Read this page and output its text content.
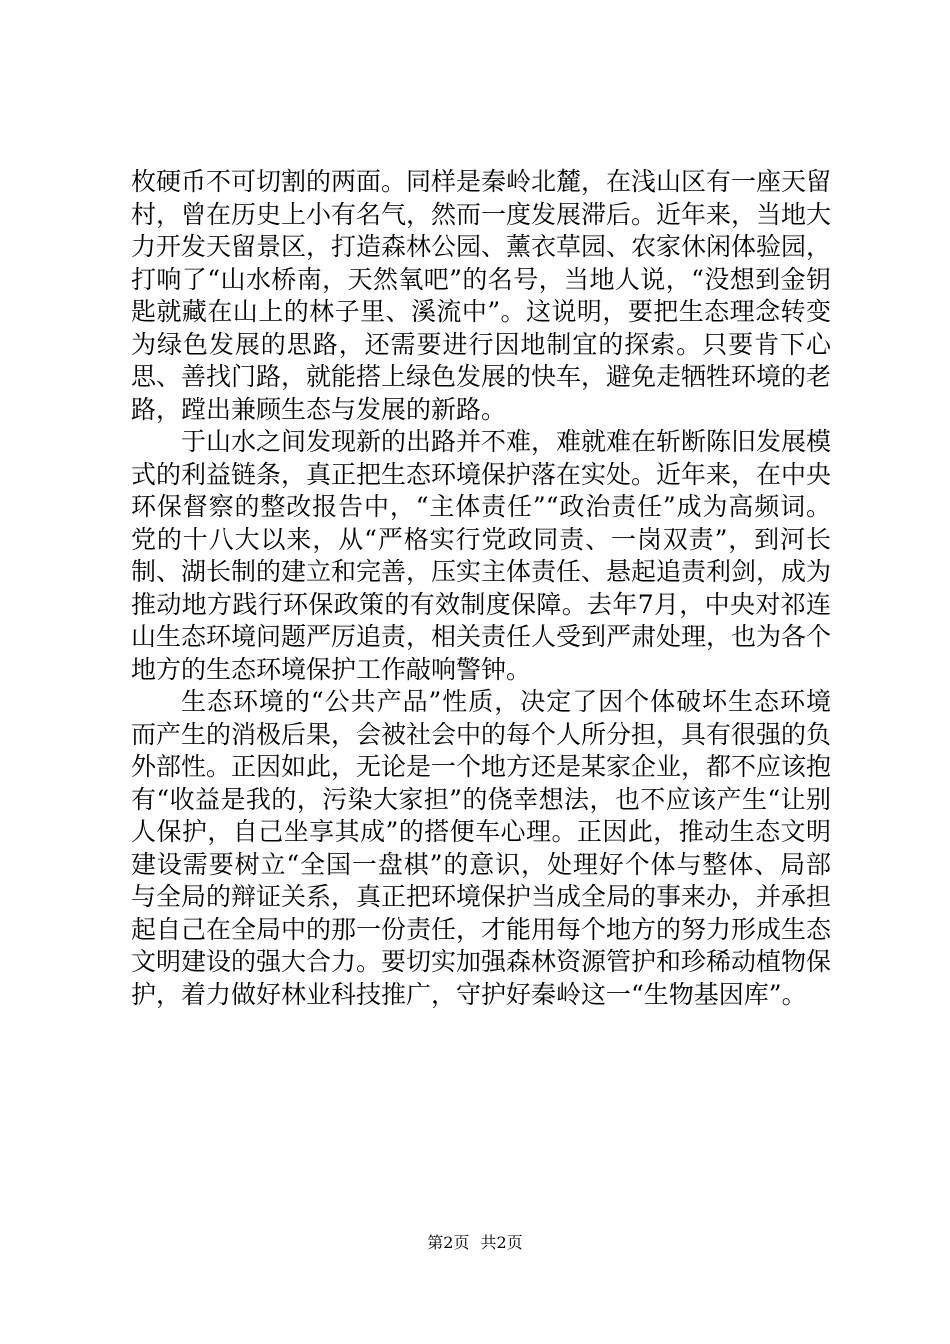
枚硬币不可切割的两面。同样是秦岭北麓，在浅山区有一座天留村，曾在历史上小有名气，然而一度发展滞后。近年来，当地大力开发天留景区，打造森林公园、薰衣草园、农家休闲体验园，打响了“山水桥南，天然氧吧”的名号，当地人说，“没想到金钥匙就藏在山上的林子里、溪流中”。这说明，要把生态理念转变为绿色发展的思路，还需要进行因地制宜的探索。只要肯下心思、善找门路，就能搭上绿色发展的快车，避免走牺牲环境的老路，蹚出兼顾生态与发展的新路。

于山水之间发现新的出路并不难，难就难在斩断陈旧发展模式的利益链条，真正把生态环境保护落在实处。近年来，在中央环保督察的整改报告中，“主体责任”“政治责任”成为高频词。党的十八大以来，从“严格实行党政同责、一岗双责”，到河长制、湖长制的建立和完善，压实主体责任、悬起追责利剑，成为推动地方践行环保政策的有效制度保障。去年7月，中央对祁连山生态环境问题严厉追责，相关责任人受到严肃处理，也为各个地方的生态环境保护工作敲响警钟。

生态环境的“公共产品”性质，决定了因个体破坏生态环境而产生的消极后果，会被社会中的每个人所分担，具有很强的负外部性。正因如此，无论是一个地方还是某家企业，都不应该抱有“收益是我的，污染大家担”的侥幸想法，也不应该产生“让别人保护，自己坐享其成”的搭便车心理。正因此，推动生态文明建设需要树立“全国一盘棋”的意识，处理好个体与整体、局部与全局的辩证关系，真正把环境保护当成全局的事来办，并承担起自己在全局中的那一份责任，才能用每个地方的努力形成生态文明建设的强大合力。要切实加强森林资源管护和珍稀动植物保护，着力做好林业科技推广，守护好秦岭这一“生物基因库”。

第2页 共2页
